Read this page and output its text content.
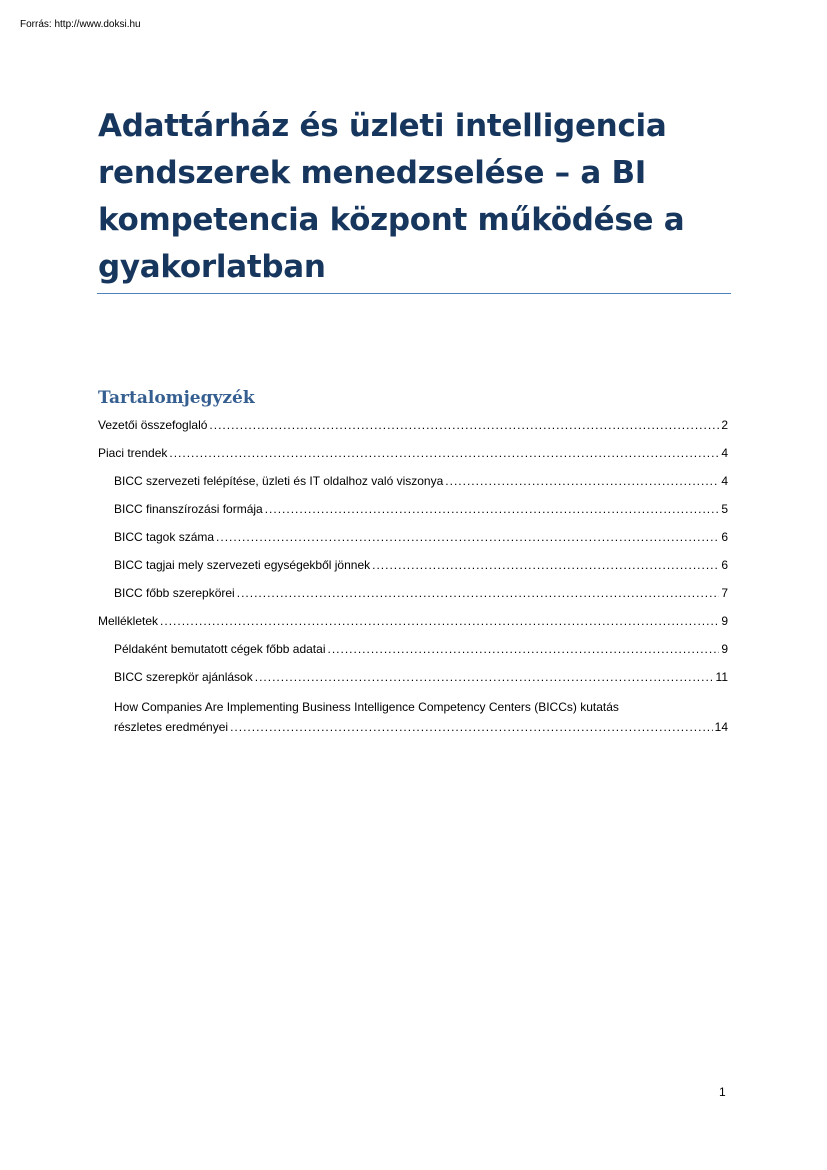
Forrás: http://www.doksi.hu
Adattárház és üzleti intelligencia
rendszerek menedzselése – a BI
kompetencia központ működése a
gyakorlatban
Tartalomjegyzék
Vezetői összefoglaló .....	2
Piaci trendek .....	4
BICC szervezeti felépítése, üzleti és IT oldalhoz való viszonya .....	4
BICC finanszírozási formája .....	5
BICC tagok száma .....	6
BICC tagjai mely szervezeti egységekből jönnek .....	6
BICC főbb szerepkörei .....	7
Mellékletek .....	9
Példaként bemutatott cégek főbb adatai .....	9
BICC szerepkör ajánlások .....	11
How Companies Are Implementing Business Intelligence Competency Centers (BICCs) kutatás
részletes eredményei .....	14
1
